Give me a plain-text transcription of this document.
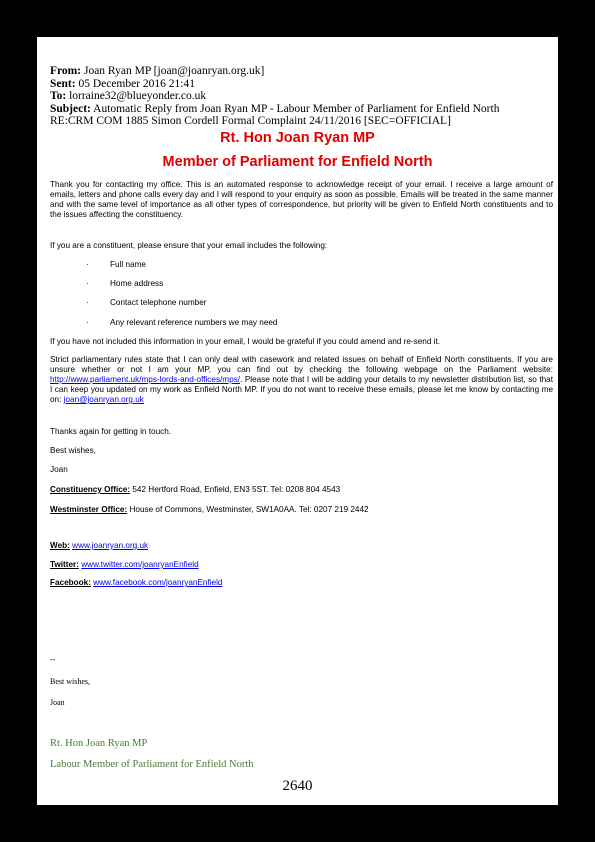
From: Joan Ryan MP [joan@joanryan.org.uk]
Sent: 05 December 2016 21:41
To: lorraine32@blueyonder.co.uk
Subject: Automatic Reply from Joan Ryan MP - Labour Member of Parliament for Enfield North
RE:CRM COM 1885 Simon Cordell Formal Complaint 24/11/2016 [SEC=OFFICIAL]
Rt. Hon Joan Ryan MP
Member of Parliament for Enfield North
Thank you for contacting my office. This is an automated response to acknowledge receipt of your email. I receive a large amount of emails, letters and phone calls every day and I will respond to your enquiry as soon as possible. Emails will be treated in the same manner and with the same level of importance as all other types of correspondence, but priority will be given to Enfield North constituents and to the issues affecting the constituency.
If you are a constituent, please ensure that your email includes the following:
·	Full name
·	Home address
·	Contact telephone number
·	Any relevant reference numbers we may need
If you have not included this information in your email, I would be grateful if you could amend and re-send it.
Strict parliamentary rules state that I can only deal with casework and related issues on behalf of Enfield North constituents. If you are unsure whether or not I am your MP, you can find out by checking the following webpage on the Parliament website: http://www.parliament.uk/mps-lords-and-offices/mps/. Please note that I will be adding your details to my newsletter distribution list, so that I can keep you updated on my work as Enfield North MP. If you do not want to receive these emails, please let me know by contacting me on: joan@joanryan.org.uk
Thanks again for getting in touch.
Best wishes,
Joan
Constituency Office: 542 Hertford Road, Enfield, EN3 5ST. Tel: 0208 804 4543
Westminster Office: House of Commons, Westminster, SW1A0AA. Tel: 0207 219 2442
Web: www.joanryan.org.uk
Twitter: www.twitter.com/joanryanEnfield
Facebook: www.facebook.com/joanryanEnfield
--
Best wishes,
Joan
Rt. Hon Joan Ryan MP
Labour Member of Parliament for Enfield North
2640
